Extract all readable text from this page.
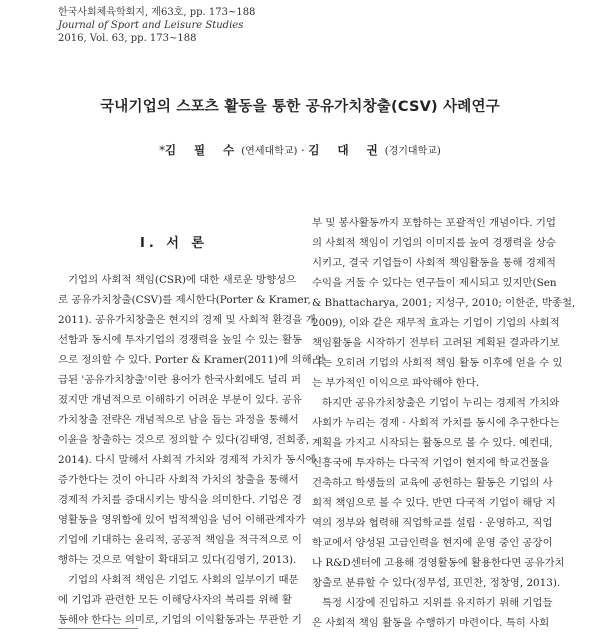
한국사회체육학회지, 제63호, pp. 173~188
Journal of Sport and Leisure Studies
2016, Vol. 63, pp. 173~188
국내기업의 스포츠 활동을 통한 공유가치창출(CSV) 사례연구
*김 필 수(연세대학교) · 김 대 권(경기대학교)
I. 서 론
기업의 사회적 책임(CSR)에 대한 새로운 방향성으
로 공유가치창출(CSV)를 제시한다(Porter & Kramer,
2011). 공유가치창출은 현지의 경제 및 사회적 환경을 개
선함과 동시에 투자기업의 경쟁력을 높일 수 있는 활동
으로 정의할 수 있다. Porter & Kramer(2011)에 의해 언
급된 '공유가치창출'이란 용어가 한국사회에도 널리 퍼
졌지만 개념적으로 이해하기 어려운 부분이 있다. 공유
가치창출 전략은 개념적으로 남을 돕는 과정을 통해서
이윤을 창출하는 것으로 정의할 수 있다(김태영, 전희종,
2014). 다시 말해서 사회적 가치와 경제적 가치가 동시에
증가한다는 것이 아니라 사회적 가치의 창출을 통해서
경제적 가치를 증대시키는 방식을 의미한다. 기업은 경
영활동을 영위함에 있어 법적책임을 넘어 이해관계자가
기업에 기대하는 윤리적, 공공적 책임을 적극적으로 이
행하는 것으로 역할이 확대되고 있다(김영기, 2013).
기업의 사회적 책임은 기업도 사회의 일부이기 때문
에 기업과 관련한 모든 이해당사자의 복리를 위해 활
동해야 한다는 의미로, 기업의 이익활동과는 무관한 기
부 및 봉사활동까지 포함하는 포괄적인 개념이다. 기업
의 사회적 책임이 기업의 이미지를 높여 경쟁력을 상승
시키고, 결국 기업들이 사회적 책임활동을 통해 경제적
수익을 거둘 수 있다는 연구들이 제시되고 있지만(Sen
& Bhattacharya, 2001; 지성구, 2010; 이한준, 박종철,
2009), 이와 같은 재무적 효과는 기업이 기업의 사회적
책임활동을 시작하기 전부터 고려된 계획된 결과라기보
다는 오히려 기업의 사회적 책임 활동 이후에 얻을 수 있
는 부가적인 이익으로 파악해야 한다.
하지만 공유가치창출은 기업이 누리는 경제적 가치와
사회가 누리는 경제 · 사회적 가치를 동시에 추구한다는
계획을 가지고 시작되는 활동으로 볼 수 있다. 예컨대,
신흥국에 투자하는 다국적 기업이 현지에 학교건물을
건축하고 학생들의 교육에 공헌하는 활동은 기업의 사
회적 책임으로 볼 수 있다. 반면 다국적 기업이 해당 지
역의 정부와 협력해 직업학교를 설립 · 운영하고, 직업
학교에서 양성된 고급인력을 현지에 운영 중인 공장이
나 R&D센터에 고용해 경영활동에 활용한다면 공유가치
창출로 분류할 수 있다(정무섭, 표민찬, 정창영, 2013).
특정 시장에 진입하고 지위를 유지하기 위해 기업들
은 사회적 책임 활동을 수행하기 마련이다. 특히 사회
